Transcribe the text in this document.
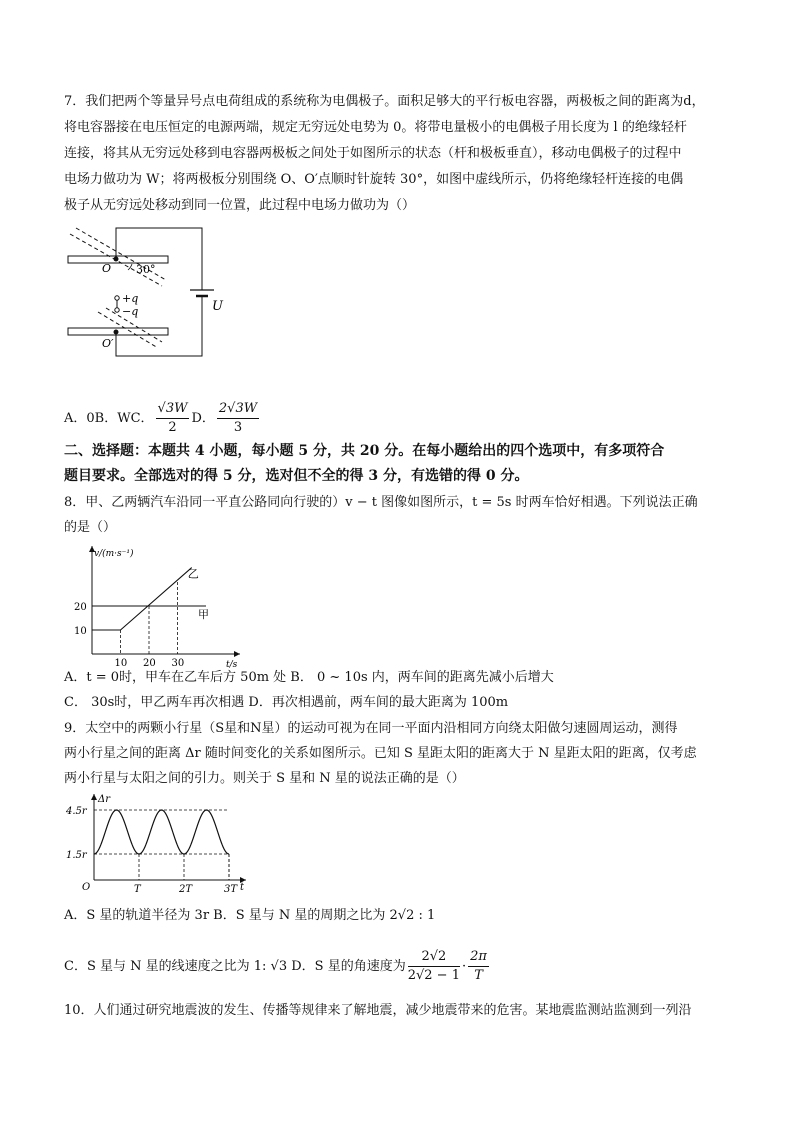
7．我们把两个等量异号点电荷组成的系统称为电偶极子。面积足够大的平行板电容器，两极板之间的距离为d，
将电容器接在电压恒定的电源两端，规定无穷远处电势为 0。将带电量极小的电偶极子用长度为 l 的绝缘轻杆
连接，将其从无穷远处移到电容器两极板之间处于如图所示的状态（杆和极板垂直），移动电偶极子的过程中
电场力做功为 W；将两极板分别围绕 O、O′点顺时针旋转 30°，如图中虚线所示，仍将绝缘轻杆连接的电偶
极子从无穷远处移动到同一位置，此过程中电场力做功为（）
U
O
O′
30°
+q
−q
A．0B．WC． $\frac{√3W}{2}$ D． $\frac{2√3W}{3}$
二、选择题：本题共 4 小题，每小题 5 分，共 20 分。在每小题给出的四个选项中，有多项符合
题目要求。全部选对的得 5 分，选对但不全的得 3 分，有选错的得 0 分。
8．甲、乙两辆汽车沿同一平直公路同向行驶的）v − t 图像如图所示，t = 5s 时两车恰好相遇。下列说法正确
的是（）
v/(m·s⁻¹)
t/s
10
20
10 20 30
甲
乙
A．t = 0时，甲车在乙车后方 50m 处 B． 0 ~ 10s 内，两车间的距离先减小后增大
C． 30s时，甲乙两车再次相遇 D．再次相遇前，两车间的最大距离为 100m
9．太空中的两颗小行星（S星和N星）的运动可视为在同一平面内沿相同方向绕太阳做匀速圆周运动，测得
两小行星之间的距离 Δr 随时间变化的关系如图所示。已知 S 星距太阳的距离大于 N 星距太阳的距离，仅考虑
两小行星与太阳之间的引力。则关于 S 星和 N 星的说法正确的是（）
Δr
t
O
1.5r
4.5r
T	2T	3T
A．S 星的轨道半径为 3r B．S 星与 N 星的周期之比为 2√2 : 1
C．S 星与 N 星的线速度之比为 1: √3 D．S 星的角速度为 $\frac{2√2}{2√2 - 1} \cdot \frac{2\pi}{T}$
10．人们通过研究地震波的发生、传播等规律来了解地震，减少地震带来的危害。某地震监测站监测到一列沿
